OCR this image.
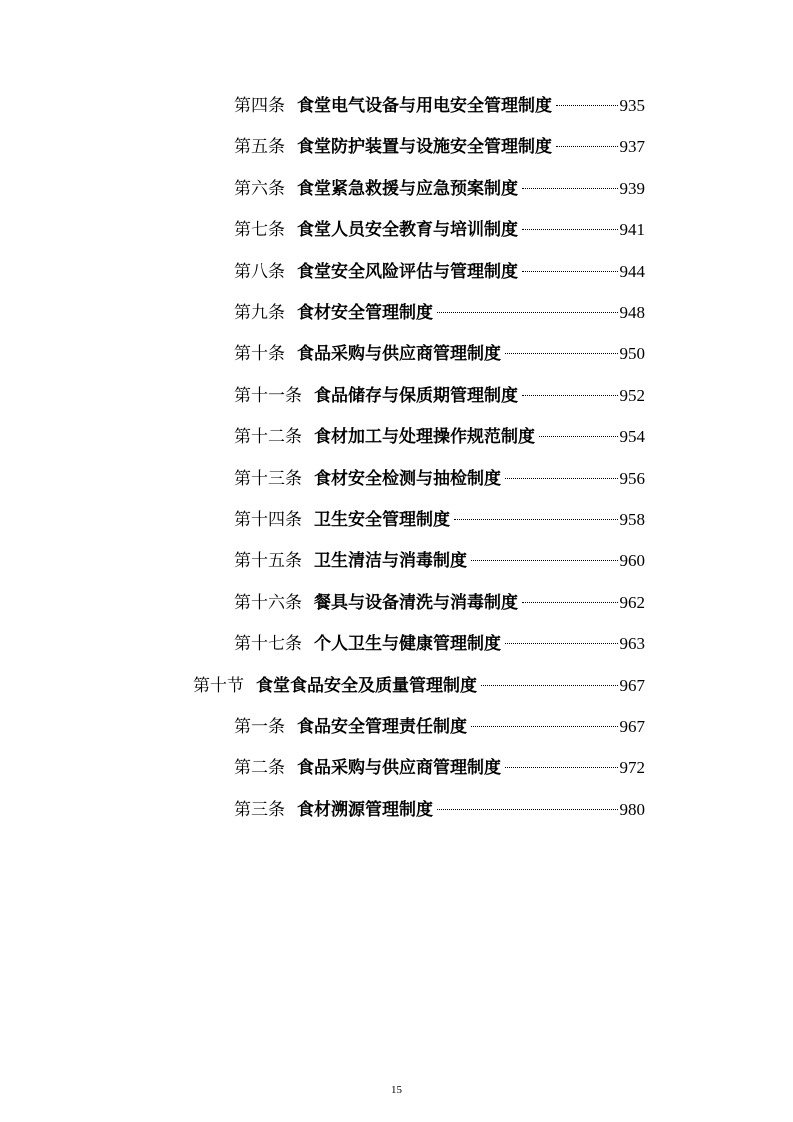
第四条 食堂电气设备与用电安全管理制度	935
第五条 食堂防护装置与设施安全管理制度	937
第六条 食堂紧急救援与应急预案制度	939
第七条 食堂人员安全教育与培训制度	941
第八条 食堂安全风险评估与管理制度	944
第九条 食材安全管理制度	948
第十条 食品采购与供应商管理制度	950
第十一条 食品储存与保质期管理制度	952
第十二条 食材加工与处理操作规范制度	954
第十三条 食材安全检测与抽检制度	956
第十四条 卫生安全管理制度	958
第十五条 卫生清洁与消毒制度	960
第十六条 餐具与设备清洗与消毒制度	962
第十七条 个人卫生与健康管理制度	963
第十节 食堂食品安全及质量管理制度	967
第一条 食品安全管理责任制度	967
第二条 食品采购与供应商管理制度	972
第三条 食材溯源管理制度	980
15
